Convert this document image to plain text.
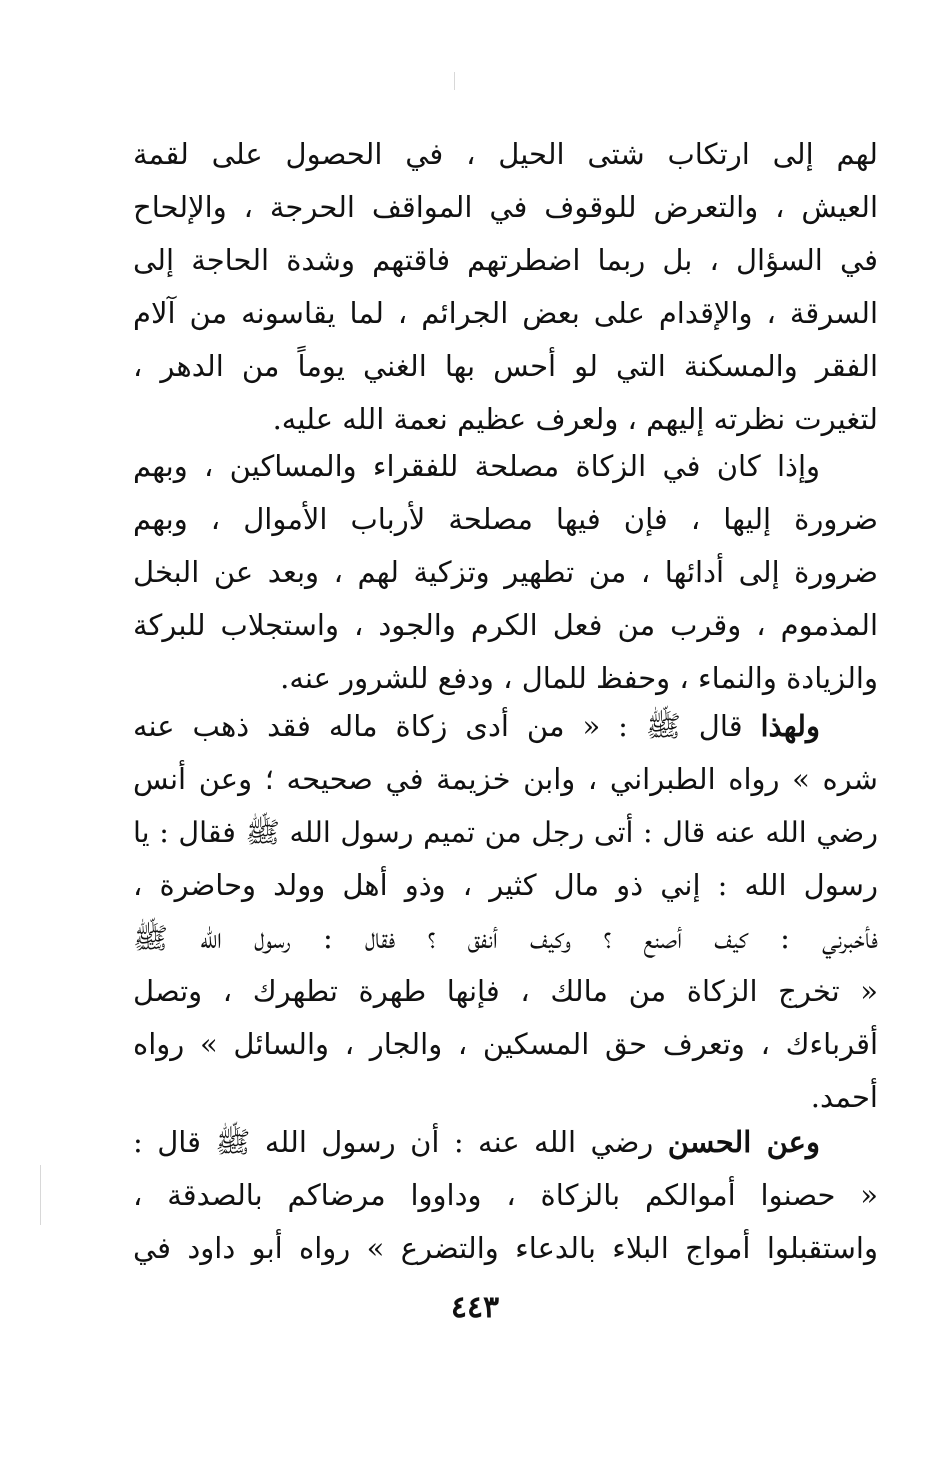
لهم إلى ارتكاب شتى الحيل ، في الحصول على لقمة
العيش ، والتعرض للوقوف في المواقف الحرجة ، والإلحاح
في السؤال ، بل ربما اضطرتهم فاقتهم وشدة الحاجة إلى
السرقة ، والإقدام على بعض الجرائم ، لما يقاسونه من آلام
الفقر والمسكنة التي لو أحس بها الغني يوماً من الدهر ،
لتغيرت نظرته إليهم ، ولعرف عظيم نعمة الله عليه.
وإذا كان في الزكاة مصلحة للفقراء والمساكين ، وبهم
ضرورة إليها ، فإن فيها مصلحة لأرباب الأموال ، وبهم
ضرورة إلى أدائها ، من تطهير وتزكية لهم ، وبعد عن البخل
المذموم ، وقرب من فعل الكرم والجود ، واستجلاب للبركة
والزيادة والنماء ، وحفظ للمال ، ودفع للشرور عنه.
ولهذا قال ﷺ : « من أدى زكاة ماله فقد ذهب عنه
شره » رواه الطبراني ، وابن خزيمة في صحيحه ؛ وعن أنس
رضي الله عنه قال : أتى رجل من تميم رسول الله ﷺ فقال : يا
رسول الله : إني ذو مال كثير ، وذو أهل وولد وحاضرة ،
فأخبرني : كيف أصنع ؟ وكيف أنفق ؟ فقال : رسول الله ﷺ
« تخرج الزكاة من مالك ، فإنها طهرة تطهرك ، وتصل
أقرباءك ، وتعرف حق المسكين ، والجار ، والسائل » رواه
أحمد.
وعن الحسن رضي الله عنه : أن رسول الله ﷺ قال :
« حصنوا أموالكم بالزكاة ، وداووا مرضاكم بالصدقة ،
واستقبلوا أمواج البلاء بالدعاء والتضرع » رواه أبو داود في
٤٤٣
